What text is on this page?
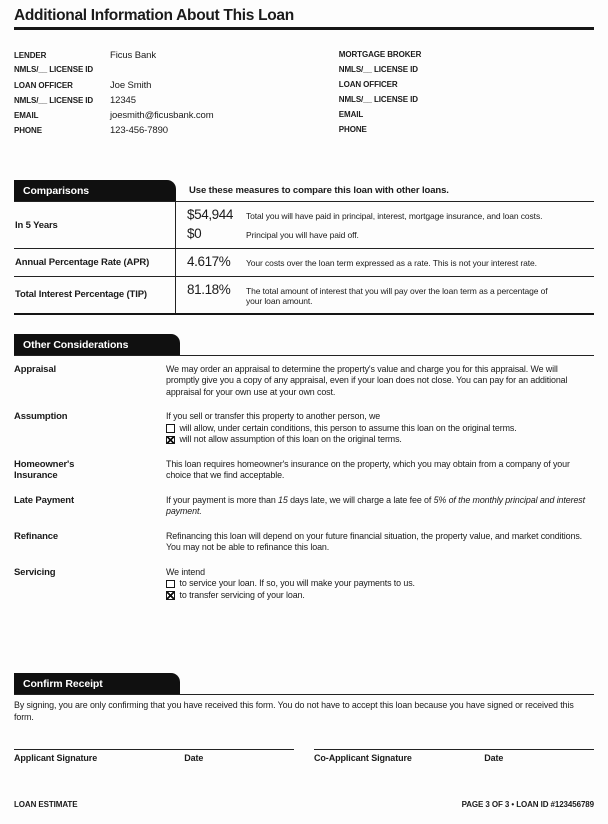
Additional Information About This Loan
LENDER	Ficus Bank
NMLS/__ LICENSE ID
LOAN OFFICER	Joe Smith
NMLS/__ LICENSE ID	12345
EMAIL	joesmith@ficusbank.com
PHONE	123-456-7890
MORTGAGE BROKER
NMLS/__ LICENSE ID
LOAN OFFICER
NMLS/__ LICENSE ID
EMAIL
PHONE
Comparisons	Use these measures to compare this loan with other loans.
In 5 Years
$54,944	Total you will have paid in principal, interest, mortgage insurance, and loan costs.
$0	Principal you will have paid off.
Annual Percentage Rate (APR)	4.617%	Your costs over the loan term expressed as a rate. This is not your interest rate.
Total Interest Percentage (TIP)	81.18%	The total amount of interest that you will pay over the loan term as a percentage of your loan amount.
Other Considerations
Appraisal	We may order an appraisal to determine the property's value and charge you for this appraisal. We will promptly give you a copy of any appraisal, even if your loan does not close. You can pay for an additional appraisal for your own use at your own cost.
Assumption	If you sell or transfer this property to another person, we
will allow, under certain conditions, this person to assume this loan on the original terms.
will not allow assumption of this loan on the original terms.
Homeowner's Insurance
This loan requires homeowner's insurance on the property, which you may obtain from a company of your choice that we find acceptable.
Late Payment	If your payment is more than 15 days late, we will charge a late fee of 5% of the monthly principal and interest payment.
Refinance	Refinancing this loan will depend on your future financial situation, the property value, and market conditions. You may not be able to refinance this loan.
Servicing	We intend
to service your loan. If so, you will make your payments to us.
to transfer servicing of your loan.
Confirm Receipt

By signing, you are only confirming that you have received this form. You do not have to accept this loan because you have signed or received this form.

Applicant Signature	Date	Co-Applicant Signature	Date
LOAN ESTIMATE	PAGE 3 OF 3 • LOAN ID #123456789
